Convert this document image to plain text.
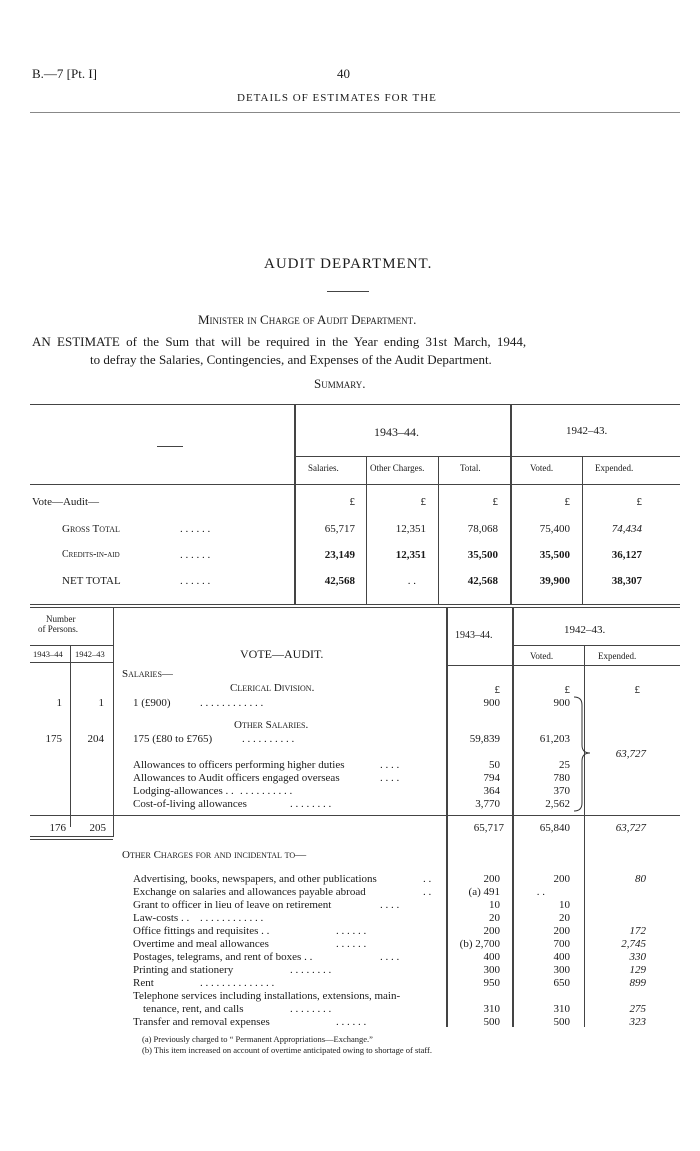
B.—7 [Pt. I]	40
DETAILS OF ESTIMATES FOR THE
AUDIT DEPARTMENT.
Minister in Charge of Audit Department.
AN ESTIMATE of the Sum that will be required in the Year ending 31st March, 1944,
to defray the Salaries, Contingencies, and Expenses of the Audit Department.
Summary.
1943–44.	1942–43.
Salaries.	Other Charges.	Total.	Voted.	Expended.
Vote—Audit—	£	£	£	£	£
Gross Total	. . . . . .	65,717	12,351	78,068	75,400	74,434
Credits-in-aid	. . . . . .	23,149	12,351	35,500	35,500	36,127
NET TOTAL	. . . . . .	42,568	. .	42,568	39,900	38,307
Number
of Persons.
1943–44 1942–43	VOTE—AUDIT.
1943–44.	1942–43.
Voted.	Expended.
Salaries—
Clerical Division.	£	£	£
1	1	1 (£900)	. . . . . . . . . . . .	900	900
Other Salaries.
175	204	175 (£80 to £765)	. . . . . . . . . .	59,839	61,203
Allowances to officers performing higher duties	. . . .	50	25
Allowances to Audit officers engaged overseas	. . . .	794	780
Lodging-allowances . . . . . . . . . . . .	364	370
Cost-of-living allowances	. . . . . . . .	3,770	2,562
63,727
176	205	65,717	65,840	63,727
Other Charges for and incidental to—
Advertising, books, newspapers, and other publications	. .	200	200	80
Exchange on salaries and allowances payable abroad	. .	(a) 491	. .
Grant to officer in lieu of leave on retirement	. . . .	10	10
Law-costs . . . . . . . . . . . . . .	20	20
Office fittings and requisites . .	. . . . . .	200	200	172
Overtime and meal allowances	. . . . . .	(b) 2,700	700	2,745
Postages, telegrams, and rent of boxes . .	. . . .	400	400	330
Printing and stationery	. . . . . . . .	300	300	129
Rent	. . . . . . . . . . . . . .	950	650	899
Telephone services including installations, extensions, main-
tenance, rent, and calls	. . . . . . . .	310	310	275
Transfer and removal expenses	. . . . . .	500	500	323
(a) Previously charged to “ Permanent Appropriations—Exchange.”
(b) This item increased on account of overtime anticipated owing to shortage of staff.
